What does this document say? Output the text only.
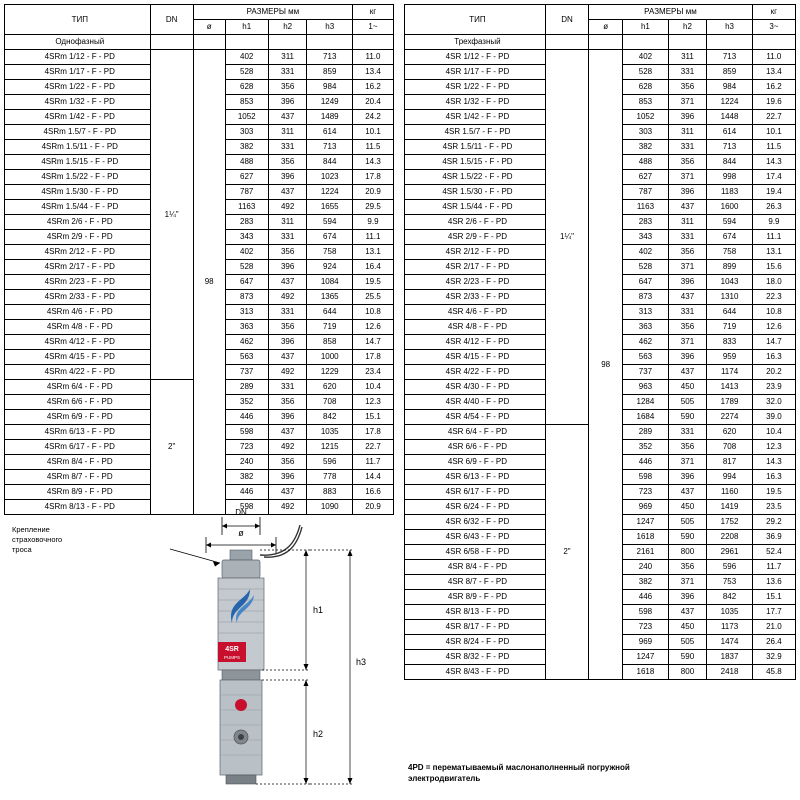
ТИП	DN	РАЗМЕРЫ мм				кг
		ø	h1	h2	h3	1~
Однофазный						
4SRm 1/12 - F - PD	1¼"	98	402	311	713	11.0
4SRm 1/17 - F - PD			528	331	859	13.4
4SRm 1/22 - F - PD			628	356	984	16.2
4SRm 1/32 - F - PD			853	396	1249	20.4
4SRm 1/42 - F - PD			1052	437	1489	24.2
4SRm 1.5/7 - F - PD			303	311	614	10.1
4SRm 1.5/11 - F - PD			382	331	713	11.5
4SRm 1.5/15 - F - PD			488	356	844	14.3
4SRm 1.5/22 - F - PD			627	396	1023	17.8
4SRm 1.5/30 - F - PD			787	437	1224	20.9
4SRm 1.5/44 - F - PD			1163	492	1655	29.5
4SRm 2/6 - F - PD			283	311	594	9.9
4SRm 2/9 - F - PD			343	331	674	11.1
4SRm 2/12 - F - PD			402	356	758	13.1
4SRm 2/17 - F - PD			528	396	924	16.4
4SRm 2/23 - F - PD			647	437	1084	19.5
4SRm 2/33 - F - PD			873	492	1365	25.5
4SRm 4/6 - F - PD			313	331	644	10.8
4SRm 4/8 - F - PD			363	356	719	12.6
4SRm 4/12 - F - PD			462	396	858	14.7
4SRm 4/15 - F - PD			563	437	1000	17.8
4SRm 4/22 - F - PD			737	492	1229	23.4
4SRm 6/4 - F - PD	2"		289	331	620	10.4
4SRm 6/6 - F - PD			352	356	708	12.3
4SRm 6/9 - F - PD			446	396	842	15.1
4SRm 6/13 - F - PD			598	437	1035	17.8
4SRm 6/17 - F - PD			723	492	1215	22.7
4SRm 8/4 - F - PD			240	356	596	11.7
4SRm 8/7 - F - PD			382	396	778	14.4
4SRm 8/9 - F - PD			446	437	883	16.6
4SRm 8/13 - F - PD			598	492	1090	20.9
ТИП	DN	РАЗМЕРЫ мм				кг
		ø	h1	h2	h3	3~
Трехфазный						
4SR 1/12 - F - PD	1¼"	98	402	311	713	11.0
4SR 1/17 - F - PD			528	331	859	13.4
4SR 1/22 - F - PD			628	356	984	16.2
4SR 1/32 - F - PD			853	371	1224	19.6
4SR 1/42 - F - PD			1052	396	1448	22.7
4SR 1.5/7 - F - PD			303	311	614	10.1
4SR 1.5/11 - F - PD			382	331	713	11.5
4SR 1.5/15 - F - PD			488	356	844	14.3
4SR 1.5/22 - F - PD			627	371	998	17.4
4SR 1.5/30 - F - PD			787	396	1183	19.4
4SR 1.5/44 - F - PD			1163	437	1600	26.3
4SR 2/6 - F - PD			283	311	594	9.9
4SR 2/9 - F - PD			343	331	674	11.1
4SR 2/12 - F - PD			402	356	758	13.1
4SR 2/17 - F - PD			528	371	899	15.6
4SR 2/23 - F - PD			647	396	1043	18.0
4SR 2/33 - F - PD			873	437	1310	22.3
4SR 4/6 - F - PD			313	331	644	10.8
4SR 4/8 - F - PD			363	356	719	12.6
4SR 4/12 - F - PD			462	371	833	14.7
4SR 4/15 - F - PD			563	396	959	16.3
4SR 4/22 - F - PD			737	437	1174	20.2
4SR 4/30 - F - PD			963	450	1413	23.9
4SR 4/40 - F - PD			1284	505	1789	32.0
4SR 4/54 - F - PD			1684	590	2274	39.0
4SR 6/4 - F - PD	2"		289	331	620	10.4
4SR 6/6 - F - PD			352	356	708	12.3
4SR 6/9 - F - PD			446	371	817	14.3
4SR 6/13 - F - PD			598	396	994	16.3
4SR 6/17 - F - PD			723	437	1160	19.5
4SR 6/24 - F - PD			969	450	1419	23.5
4SR 6/32 - F - PD			1247	505	1752	29.2
4SR 6/43 - F - PD			1618	590	2208	36.9
4SR 6/58 - F - PD			2161	800	2961	52.4
4SR 8/4 - F - PD			240	356	596	11.7
4SR 8/7 - F - PD			382	371	753	13.6
4SR 8/9 - F - PD			446	396	842	15.1
4SR 8/13 - F - PD			598	437	1035	17.7
4SR 8/17 - F - PD			723	450	1173	21.0
4SR 8/24 - F - PD			969	505	1474	26.4
4SR 8/32 - F - PD			1247	590	1837	32.9
4SR 8/43 - F - PD			1618	800	2418	45.8
DN
ø
4SR
PUMPS
h1
h2
h3
Крепление
страховочного
троса
4PD = перематываемый маслонаполненный погружной
электродвигатель
